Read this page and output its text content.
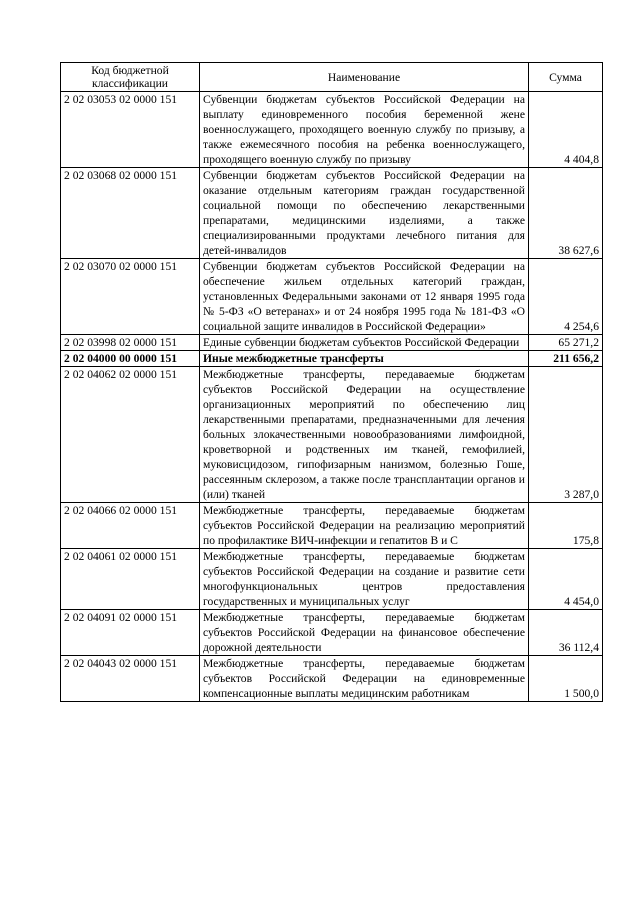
Код бюджетной классификации	Наименование	Сумма
2 02 03053 02 0000 151	Субвенции бюджетам субъектов Российской Федерации на выплату единовременного пособия беременной жене военнослужащего, проходящего военную службу по призыву, а также ежемесячного пособия на ребенка военнослужащего, проходящего военную службу по призыву	4 404,8
2 02 03068 02 0000 151	Субвенции бюджетам субъектов Российской Федерации на оказание отдельным категориям граждан государственной социальной помощи по обеспечению лекарственными препаратами, медицинскими изделиями, а также специализированными продуктами лечебного питания для детей-инвалидов	38 627,6
2 02 03070 02 0000 151	Субвенции бюджетам субъектов Российской Федерации на обеспечение жильем отдельных категорий граждан, установленных Федеральными законами от 12 января 1995 года № 5-ФЗ «О ветеранах» и от 24 ноября 1995 года № 181-ФЗ «О социальной защите инвалидов в Российской Федерации»	4 254,6
2 02 03998 02 0000 151	Единые субвенции бюджетам субъектов Российской Федерации	65 271,2
2 02 04000 00 0000 151	Иные межбюджетные трансферты	211 656,2
2 02 04062 02 0000 151	Межбюджетные трансферты, передаваемые бюджетам субъектов Российской Федерации на осуществление организационных мероприятий по обеспечению лиц лекарственными препаратами, предназначенными для лечения больных злокачественными новообразованиями лимфоидной, кроветворной и родственных им тканей, гемофилией, муковисцидозом, гипофизарным нанизмом, болезнью Гоше, рассеянным склерозом, а также после трансплантации органов и (или) тканей	3 287,0
2 02 04066 02 0000 151	Межбюджетные трансферты, передаваемые бюджетам субъектов Российской Федерации на реализацию мероприятий по профилактике ВИЧ-инфекции и гепатитов В и С	175,8
2 02 04061 02 0000 151	Межбюджетные трансферты, передаваемые бюджетам субъектов Российской Федерации на создание и развитие сети многофункциональных центров предоставления государственных и муниципальных услуг	4 454,0
2 02 04091 02 0000 151	Межбюджетные трансферты, передаваемые бюджетам субъектов Российской Федерации на финансовое обеспечение дорожной деятельности	36 112,4
2 02 04043 02 0000 151	Межбюджетные трансферты, передаваемые бюджетам субъектов Российской Федерации на единовременные компенсационные выплаты медицинским работникам	1 500,0
